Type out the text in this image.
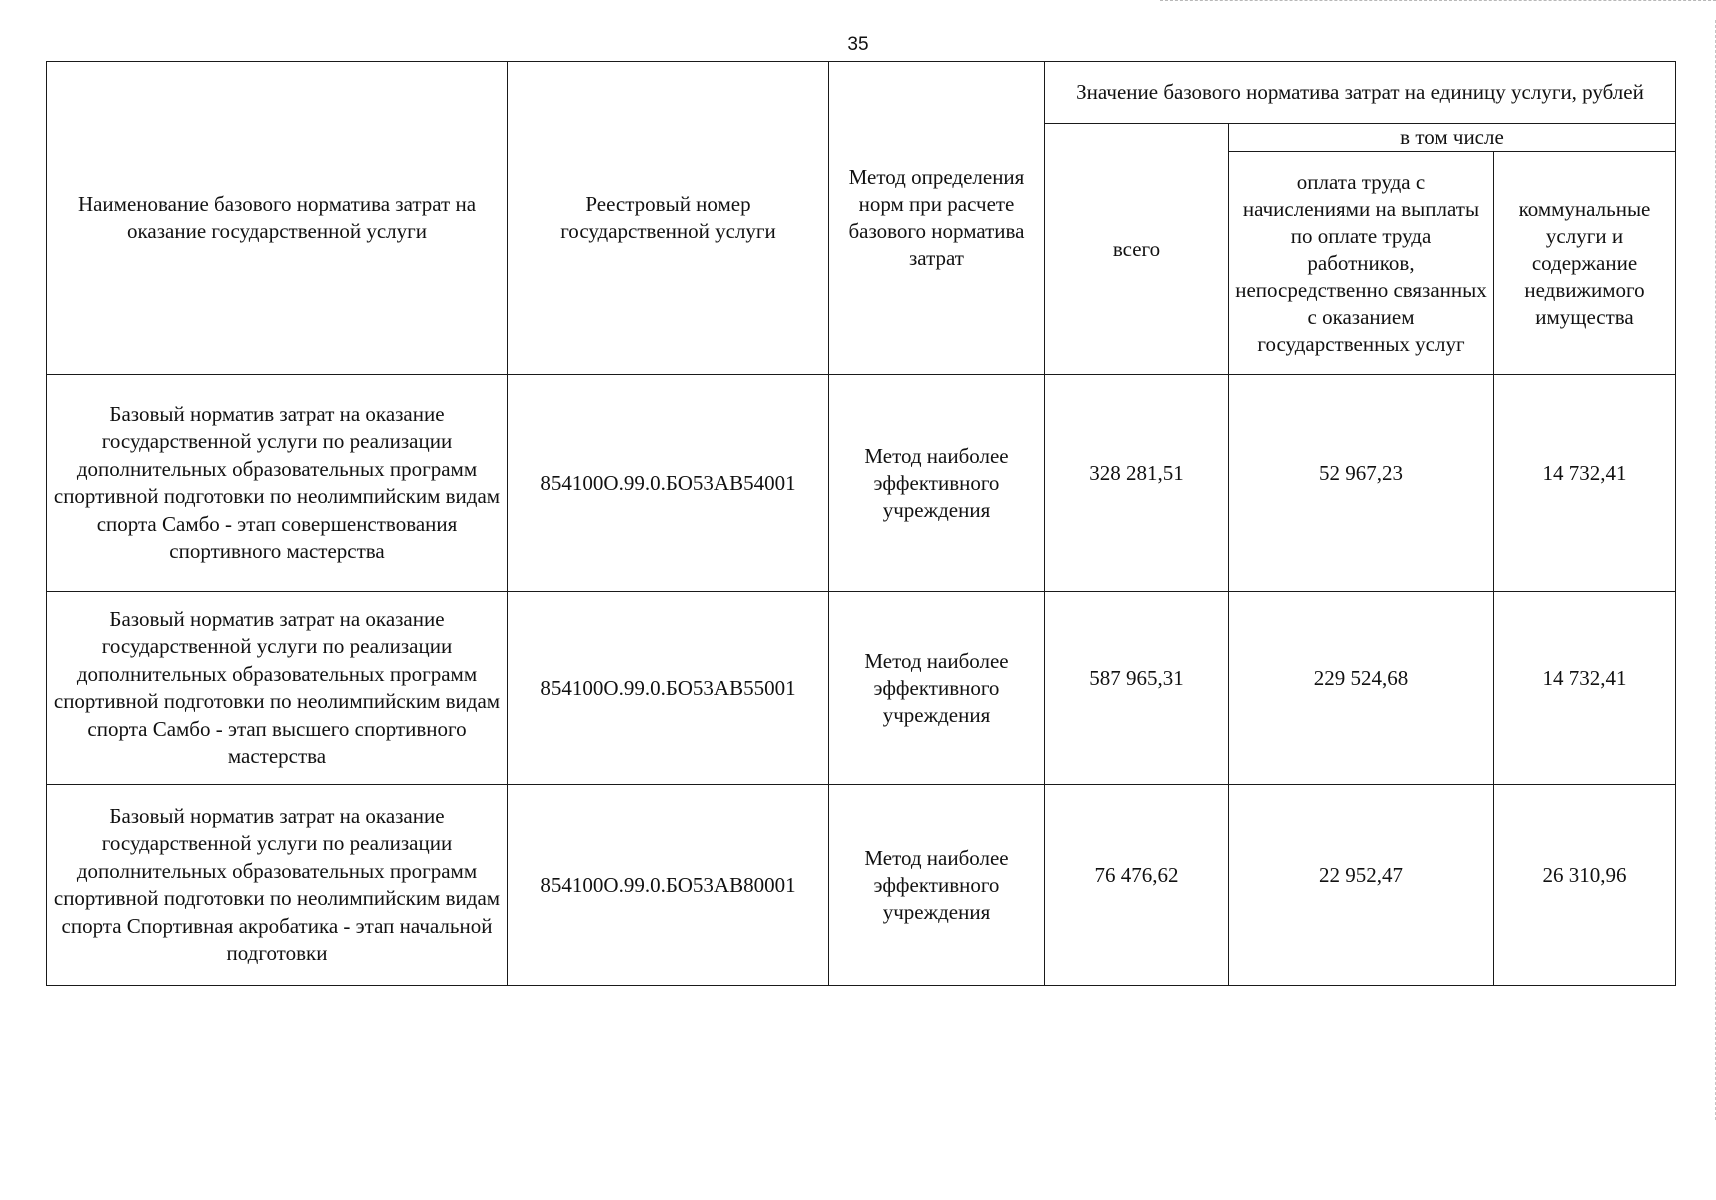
35
Наименование базового норматива затрат на оказание государственной услуги	Реестровый номер государственной услуги	Метод определения норм при расчете базового норматива затрат	Значение базового норматива затрат на единицу услуги, рублей		
			всего	в том числе	
				оплата труда с начислениями на выплаты по оплате труда работников, непосредственно связанных с оказанием государственных услуг	коммунальные услуги и содержание недвижимого имущества
Базовый норматив затрат на оказание государственной услуги по реализации дополнительных образовательных программ спортивной подготовки по неолимпийским видам спорта Самбо - этап совершенствования спортивного мастерства	854100О.99.0.БО53АВ54001	Метод наиболее эффективного учреждения	328 281,51	52 967,23	14 732,41
Базовый норматив затрат на оказание государственной услуги по реализации дополнительных образовательных программ спортивной подготовки по неолимпийским видам спорта Самбо - этап высшего спортивного мастерства	854100О.99.0.БО53АВ55001	Метод наиболее эффективного учреждения	587 965,31	229 524,68	14 732,41
Базовый норматив затрат на оказание государственной услуги по реализации дополнительных образовательных программ спортивной подготовки по неолимпийским видам спорта Спортивная акробатика - этап начальной подготовки	854100О.99.0.БО53АВ80001	Метод наиболее эффективного учреждения	76 476,62	22 952,47	26 310,96
